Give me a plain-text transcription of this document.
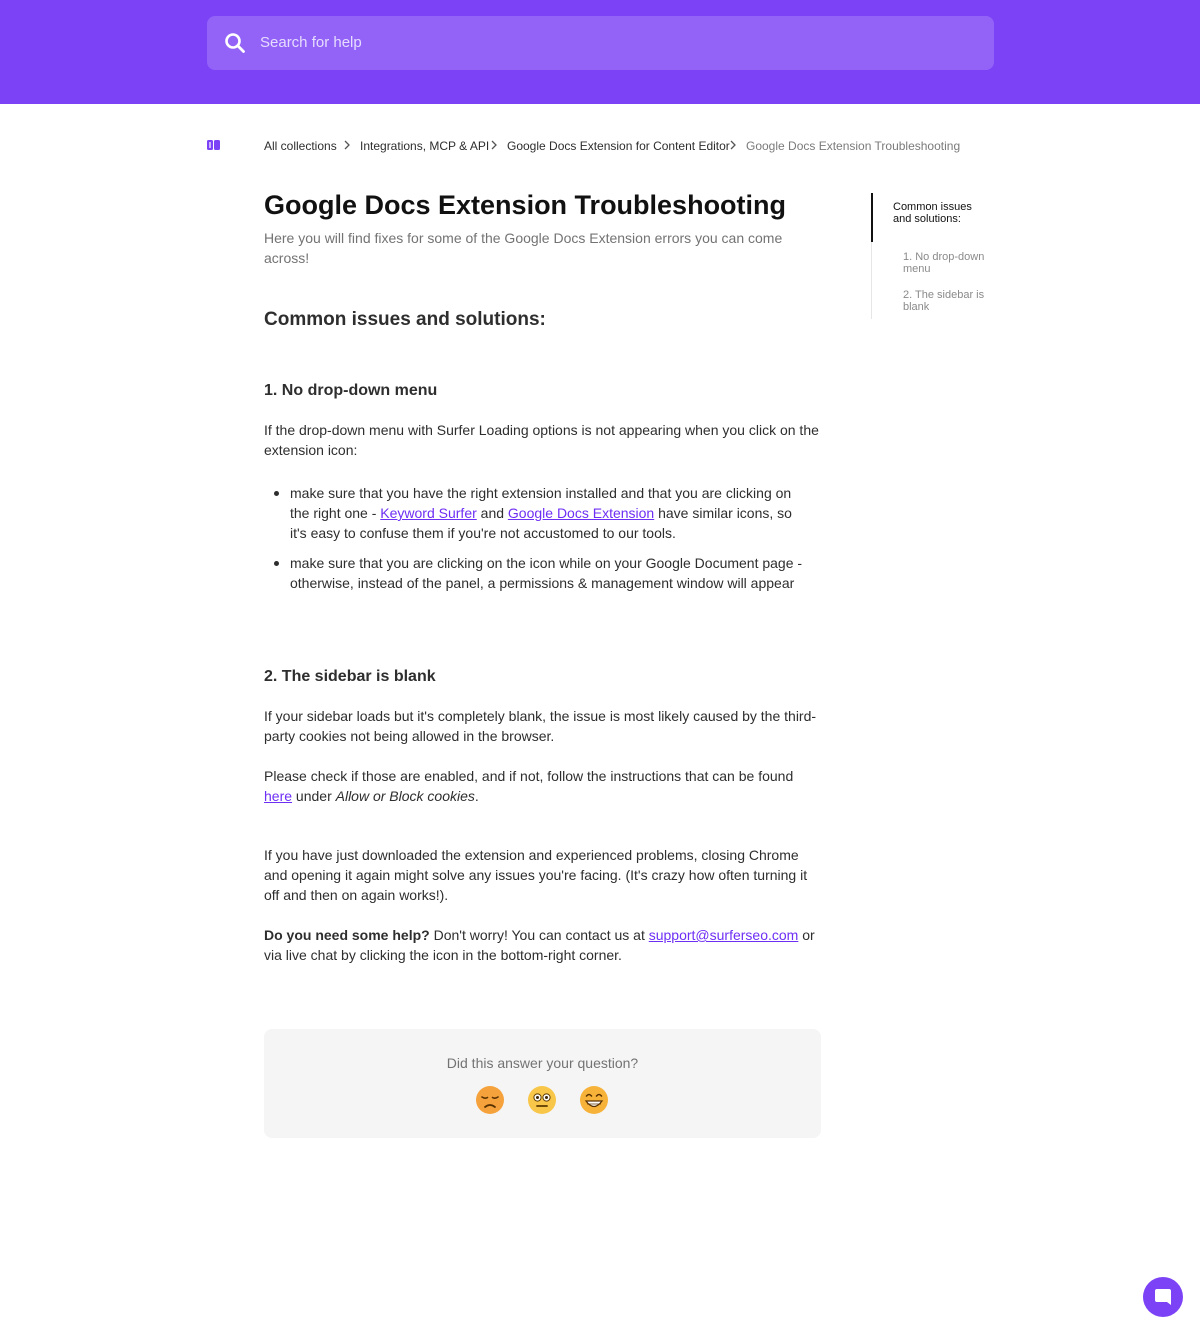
Search for help
All collections Integrations, MCP & API Google Docs Extension for Content Editor Google Docs Extension Troubleshooting
Google Docs Extension Troubleshooting

Here you will find fixes for some of the Google Docs Extension errors you can come across!

Common issues and solutions:
1. No drop-down menu

If the drop-down menu with Surfer Loading options is not appearing when you click on the extension icon:

make sure that you have the right extension installed and that you are clicking on the right one - Keyword Surfer and Google Docs Extension have similar icons, so it's easy to confuse them if you're not accustomed to our tools.
make sure that you are clicking on the icon while on your Google Document page - otherwise, instead of the panel, a permissions & management window will appear
2. The sidebar is blank

If your sidebar loads but it's completely blank, the issue is most likely caused by the third-party cookies not being allowed in the browser.

Please check if those are enabled, and if not, follow the instructions that can be found here under Allow or Block cookies.

If you have just downloaded the extension and experienced problems, closing Chrome and opening it again might solve any issues you're facing. (It's crazy how often turning it off and then on again works!).

Do you need some help? Don't worry! You can contact us at support@surferseo.com or via live chat by clicking the icon in the bottom-right corner.

Did this answer your question?
Common issues and solutions:
1. No drop-down menu
2. The sidebar is blank
